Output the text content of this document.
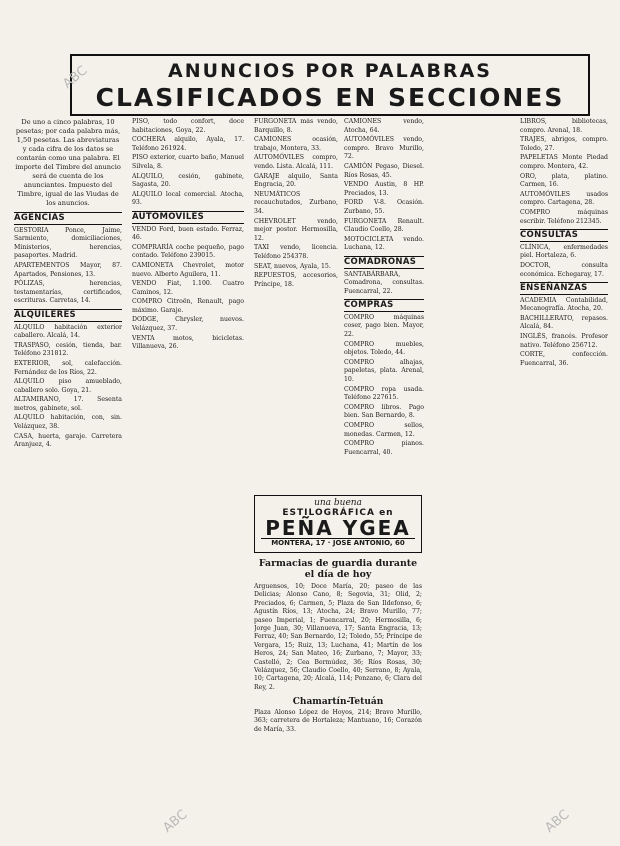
ANUNCIOS POR PALABRAS
CLASIFICADOS EN SECCIONES
De uno a cinco palabras, 10 pesetas; por cada palabra más, 1,50 pesetas. Las abreviaturas y cada cifra de los datos se contarán como una palabra. El importe del Timbre del anuncio será de cuenta de los anunciantes. Impuesto del Timbre, igual de las Viudas de los anuncios.
AGENCIAS

GESTORIA Ponce, Jaime, Sarmiento, domiciliaciones, Ministerios, herencias, pasaportes. Madrid.

APARTEMENTOS Mayor, 87. Apartados, Pensiones, 13.

PÓLIZAS, herencias, testamentarías, certificados, escrituras. Carretas, 14.

ALQUILERES

ALQUILO habitación exterior caballero. Alcalá, 14.

TRASPASO, cesión, tienda, bar. Teléfono 231812.

EXTERIOR, sol, calefacción. Fernández de los Ríos, 22.

ALQUILO piso amueblado, caballero solo. Goya, 21.

ALTAMIRANO, 17. Sesenta metros, gabinete, sol.

ALQUILO habitación, con, sin. Velázquez, 38.

CASA, huerta, garaje. Carretera Aranjuez, 4.

PISO, todo confort, doce habitaciones, Goya, 22.

COCHERA alquilo, Ayala, 17. Teléfono 261924.

PISO exterior, cuarto baño, Manuel Silvela, 8.

ALQUILO, cesión, gabinete, Sagasta, 20.

ALQUILO local comercial. Atocha, 93.

AUTOMOVILES

VENDO Ford, buen estado. Ferraz, 46.

COMPRARÍA coche pequeño, pago contado. Teléfono 239015.

CAMIONETA Chevrolet, motor nuevo. Alberto Aguilera, 11.

VENDO Fiat, 1.100. Cuatro Caminos, 12.

COMPRO Citroën, Renault, pago máximo. Garaje.

DODGE, Chrysler, nuevos. Velázquez, 37.

VENTA motos, bicicletas. Villanueva, 26.

FURGONETA más vendo, Barquillo, 8.

CAMIONES ocasión, trabajo, Montera, 33.

AUTOMÓVILES compro, vendo. Lista. Alcalá, 111.

GARAJE alquilo, Santa Engracia, 20.

NEUMÁTICOS recauchutados, Zurbano, 34.

CHEVROLET vendo, mejor postor. Hermosilla, 12.

TAXI vendo, licencia. Teléfono 254378.

SEAT, nuevos, Ayala, 15.

REPUESTOS, accesorios, Príncipe, 18.

CAMIONES vendo, Atocha, 64.

AUTOMÓVILES vendo, compro. Bravo Murillo, 72.

CAMIÓN Pegaso, Diesel. Ríos Rosas, 45.

VENDO Austin, 8 HP. Preciados, 13.

FORD V-8. Ocasión. Zurbano, 55.

FURGONETA Renault. Claudio Coello, 28.

MOTOCICLETA vendo. Luchana, 12.

COMADRONAS

SANTABÁRBARA, Comadrona, consultas. Fuencarral, 22.

COMPRAS

COMPRO máquinas coser, pago bien. Mayor, 22.

COMPRO muebles, objetos. Toledo, 44.

COMPRO alhajas, papeletas, plata. Arenal, 10.

COMPRO ropa usada. Teléfono 227615.

COMPRO libros. Pago bien. San Bernardo, 8.

COMPRO sellos, monedas. Carmen, 12.

COMPRO pianos. Fuencarral, 40.

LIBROS, bibliotecas, compro. Arenal, 18.

TRAJES, abrigos, compro. Toledo, 27.

PAPELETAS Monte Piedad compro. Montera, 42.

ORO, plata, platino. Carmen, 16.

AUTOMÓVILES usados compro. Cartagena, 28.

COMPRO máquinas escribir. Teléfono 212345.

CONSULTAS

CLÍNICA, enfermedades piel. Hortaleza, 6.

DOCTOR, consulta económica. Echegaray, 17.

ENSEÑANZAS

ACADEMIA Contabilidad, Mecanografía. Atocha, 20.

BACHILLERATO, repasos. Alcalá, 84.

INGLÉS, francés. Profesor nativo. Teléfono 256712.

CORTE, confección. Fuencarral, 36.

una buena
ESTILOGRÁFICA en
PEÑA YGEA
MONTERA, 17 · JOSÉ ANTONIO, 60
Farmacias de guardia durante el día de hoy

Arguensos, 10; Doce María, 20; paseo de las Delicias; Alonso Cano, 8; Segovia, 31; Olid, 2; Preciados, 6; Carmen, 5; Plaza de San Ildefonso, 6; Agustín Ríos, 13; Atocha, 24; Bravo Murillo, 77; paseo Imperial, 1; Fuencarral, 20; Hermosilla, 6; Jorge Juan, 30; Villanueva, 17; Santa Engracia, 13; Ferraz, 40; San Bernardo, 12; Toledo, 55; Príncipe de Vergara, 15; Ruiz, 13; Luchana, 41; Martín de los Heros, 24; San Mateo, 16; Zurbano, 7; Mayor, 33; Castelló, 2; Cea Bermúdez, 36; Ríos Rosas, 30; Velázquez, 56; Claudio Coello, 40; Serrano, 8; Ayala, 10; Cartagena, 20; Alcalá, 114; Ponzano, 6; Clara del Rey, 2.

Chamartín-Tetuán

Plaza Alonso López de Hoyos, 214; Bravo Murillo, 363; carretera de Hortaleza; Mantuano, 16; Corazón de María, 33.

ABC
ABC	ABC
